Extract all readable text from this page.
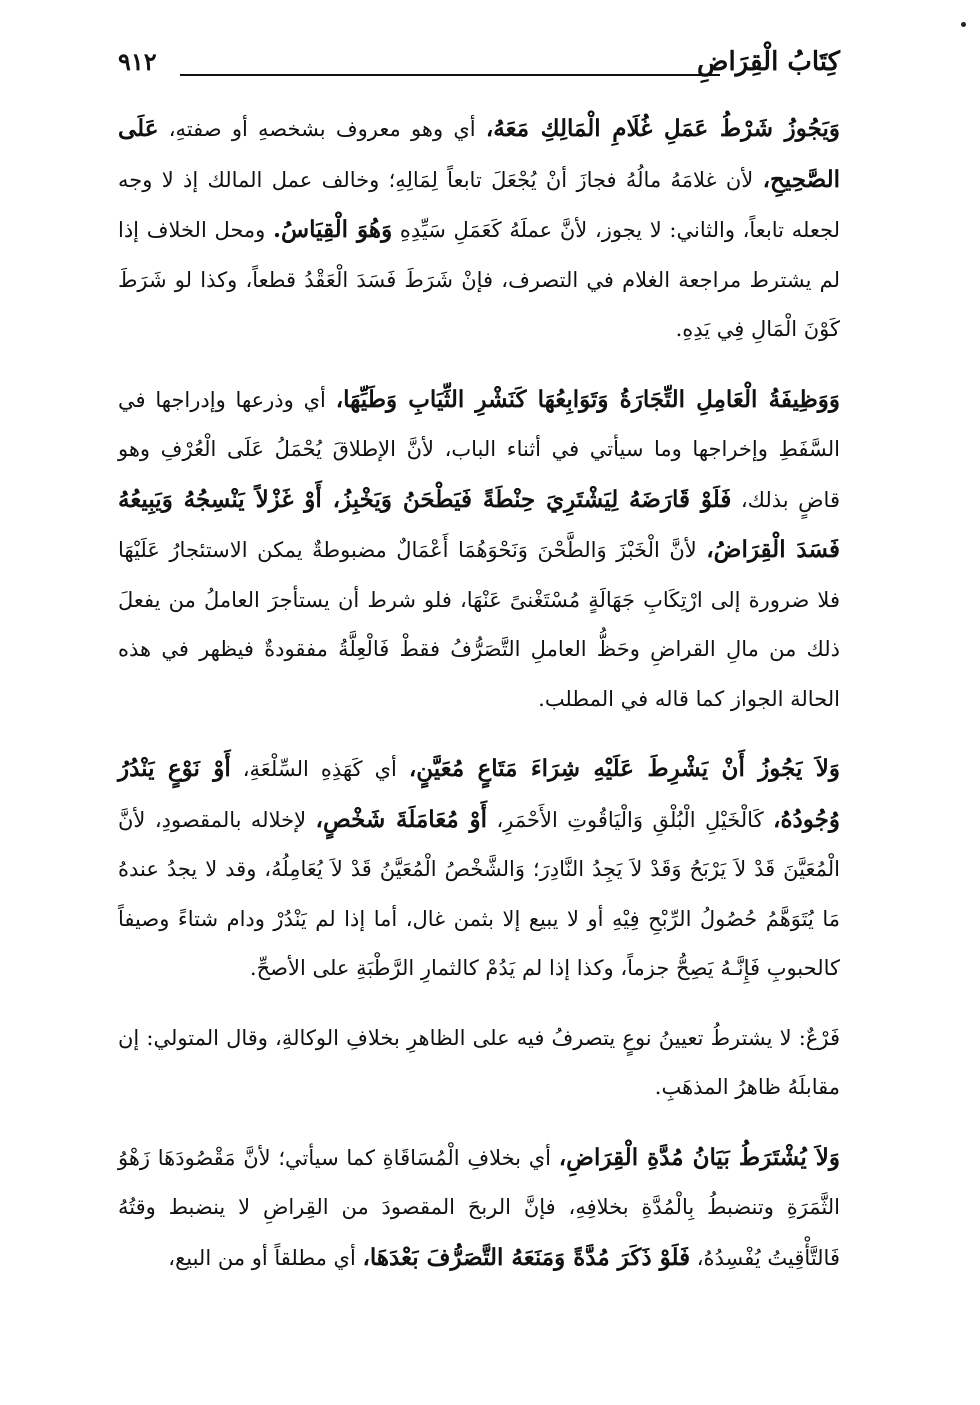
كِتَابُ الْقِرَاضِ
٩١٢

وَيَجُوزُ شَرْطُ عَمَلِ غُلَامِ الْمَالِكِ مَعَهُ، أي وهو معروف بشخصهِ أو صفتهِ، عَلَى الصَّحِيحِ، لأن غلامَهُ مالُهُ فجازَ أنْ يُجْعَلَ تابعاً لِمَالِهِ؛ وخالف عمل المالك إذ لا وجه لجعله تابعاً، والثاني: لا يجوز، لأنَّ عملَهُ كَعَمَلِ سَيِّدِهِ وَهُوَ الْقِيَاسُ. ومحل الخلاف إذا لم يشترط مراجعة الغلام في التصرف، فإنْ شَرَطَ فَسَدَ الْعَقْدُ قطعاً، وكذا لو شَرَطَ كَوْنَ الْمَالِ فِي يَدِهِ.

وَوَظِيفَةُ الْعَامِلِ التِّجَارَةُ وَتَوَابِعُهَا كَنَشْرِ الثِّيَابِ وَطَيِّهَا، أي وذرعها وإدراجها في السَّفَطِ وإخراجها وما سيأتي في أثناء الباب، لأنَّ الإطلاقَ يُحْمَلُ عَلَى الْعُرْفِ وهو قاضٍ بذلك، فَلَوْ قَارَضَهُ لِيَشْتَرِيَ حِنْطَةً فَيَطْحَنُ وَيَخْبِزُ، أَوْ غَزْلاً يَنْسِجُهُ وَيَبِيعُهُ فَسَدَ الْقِرَاضُ، لأنَّ الْخَبْزَ وَالطَّحْنَ وَنَحْوَهُمَا أَعْمَالٌ مضبوطةٌ يمكن الاستئجارُ عَلَيْهَا فلا ضرورة إلى ارْتِكَابِ جَهَالَةٍ مُسْتَغْنىً عَنْهَا، فلو شرط أن يستأجرَ العاملُ من يفعلَ ذلك من مالِ القراضِ وحَظُّ العاملِ التَّصَرُّفُ فقطْ فَالْعِلَّةُ مفقودةٌ فيظهر في هذه الحالة الجواز كما قاله في المطلب.

وَلاَ يَجُوزُ أَنْ يَشْرِطَ عَلَيْهِ شِرَاءَ مَتَاعٍ مُعَيَّنٍ، أي كَهَذِهِ السِّلْعَةِ، أَوْ نَوْعٍ يَنْدُرُ وُجُودُهُ، كَالْخَيْلِ الْبُلْقِ وَالْيَاقُوتِ الأَحْمَرِ، أَوْ مُعَامَلَةَ شَخْصٍ، لإخلاله بالمقصودِ، لأنَّ الْمُعَيَّنَ قَدْ لاَ يَرْبَحُ وَقَدْ لاَ يَجِدُ النَّادِرَ؛ وَالشَّخْصُ الْمُعَيَّنُ قَدْ لاَ يُعَامِلُهُ، وقد لا يجدُ عندهُ مَا يُتَوَهَّمُ حُصُولُ الرِّبْحِ فِيْهِ أو لا يبيع إلا بثمن غال، أما إذا لم يَنْدُرْ ودام شتاءً وصيفاً كالحبوبِ فَإِنَّـهُ يَصِحُّ جزماً، وكذا إذا لم يَدُمْ كالثمارِ الرَّطْبَةِ على الأصحِّ.

فَرْعٌ: لا يشترطُ تعيينُ نوعٍ يتصرفُ فيه على الظاهرِ بخلافِ الوكالةِ، وقال المتولي: إن مقابلَهُ ظاهرُ المذهَبِ.

وَلاَ يُشْتَرَطُ بَيَانُ مُدَّةِ الْقِرَاضِ، أي بخلافِ الْمُسَاقَاةِ كما سيأتي؛ لأنَّ مَقْصُودَهَا زَهْوُ الثَّمَرَةِ وتنضبطُ بِالْمُدَّةِ بخلافِهِ، فإنَّ الربحَ المقصودَ من القِراضِ لا ينضبط وقتُهُ فَالتَّأْقِيتُ يُفْسِدُهُ، فَلَوْ ذَكَرَ مُدَّةً وَمَنَعَهُ التَّصَرُّفَ بَعْدَهَا، أي مطلقاً أو من البيع،
